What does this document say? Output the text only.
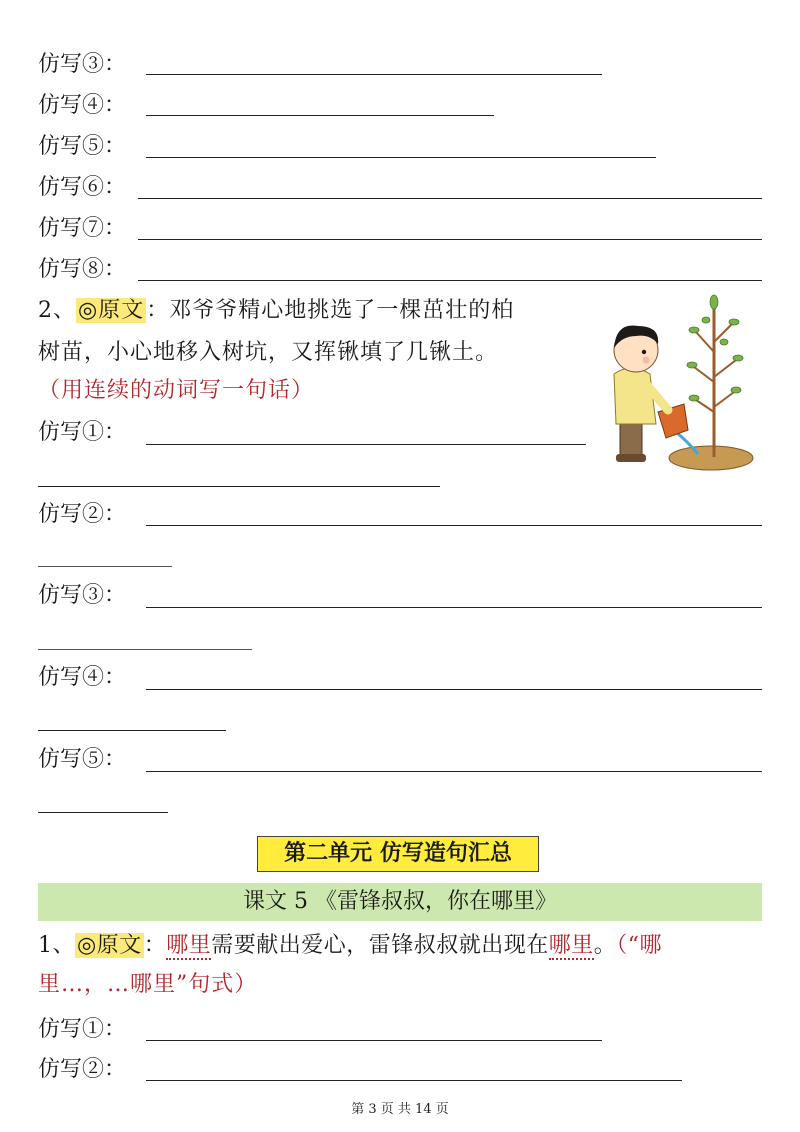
仿写③：
仿写④：
仿写⑤：
仿写⑥：
仿写⑦：
仿写⑧：
2、◎原文：邓爷爷精心地挑选了一棵茁壮的柏
树苗，小心地移入树坑，又挥锹填了几锹土。
（用连续的动词写一句话）
仿写①：
仿写②：
仿写③：
仿写④：
仿写⑤：
第二单元 仿写造句汇总
课文 5 《雷锋叔叔，你在哪里》
1、◎原文：哪里需要献出爱心，雷锋叔叔就出现在哪里。（“哪
里…，…哪里”句式）
仿写①：
仿写②：
第 3 页 共 14 页
